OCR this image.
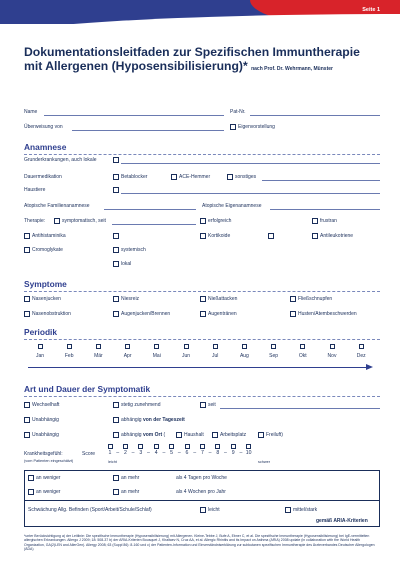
Seite 1
Dokumentationsleitfaden zur Spezifischen Immuntherapie
mit Allergenen (Hyposensibilisierung)* nach Prof. Dr. Wehrmann, Münster
Name	Pat-Nr.
Überweisung von	Eigenvorstellung
Anamnese
Grunderkrankungen, auch lokale
Dauermedikation	Betablocker	ACE-Hemmer	sonstiges
Haustiere
Atopische Familienanamnese	Atopische Eigenanamnese
Therapie:	symptomatisch, seit	erfolgreich	frustran
Antihistaminika	Kortikoide	Antileukotriene
Cromoglykate	systemisch
lokal
Symptome
Nasenjucken	Niesreiz	Nießattacken	Fließschnupfen
Nasenobstruktion	Augenjucken/Brennen	Augentränen	Husten/Atembeschwerden
Periodik
Jan	Feb	Mär	Apr	Mai	Jun	Jul	Aug	Sep	Okt	Nov	Dez
Art und Dauer der Symptomatik
Wechselhaft	stetig zunehmend	seit
Unabhängig	abhängig von der Tageszeit
Unabhängig	abhängig vom Ort (	Haushalt	Arbeitsplatz	Freiluft)
Krankheitsgefühl:
(vom Patienten eingeschätzt)
Score	1 – 2 – 3 – 4 – 5 – 6 – 7 – 8 – 9 – 10
leicht	schwer
an weniger	an mehr	als 4 Tagen pro Woche
an weniger	an mehr	als 4 Wochen pro Jahr
Schwächung Allg. Befinden (Sport/Arbeit/Schule/Schlaf)	leicht	mittel/stark
gemäß ARIA-Kriterien
*unter Berücksichtigung a) der Leitlinie: Die spezifische Immuntherapie (Hyposensibilisierung) mit Allergenen. Kleine-Tebbe J, Bufe A, Ebner C, et al. Die spezifische Immuntherapie (Hyposensibilisierung) bei IgE-vermittelten allergischen Erkrankungen. Allergo J 2009; 18: 508-37 b) der ARIA-Kriterien Bousquet J, Khaltaev N, Cruz AA, et al. Allergic Rhinitis and its Impact on Asthma (ARIA) 2008 update (in collaboration with the World Health Organization, GA(2)LEN and AllerGen). Allergy 2008; 63 (Suppl 86): 8-160 und c) der Patienten-Information und Einverständniserklärung zur subkutanen spezifischen Immuntherapie des Ärzteverbandes Deutscher Allergologen (ÄDA)
